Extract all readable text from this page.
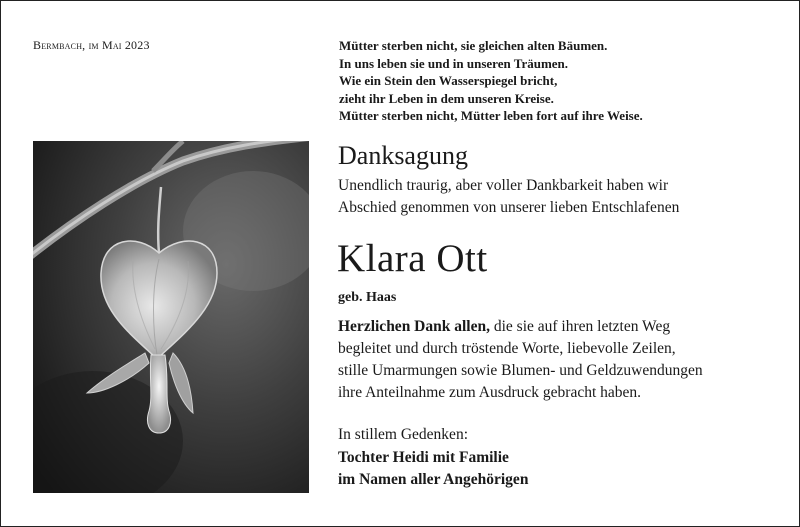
Bermbach, im Mai 2023	Mütter sterben nicht, sie gleichen alten Bäumen.
In uns leben sie und in unseren Träumen.
Wie ein Stein den Wasserspiegel bricht,
zieht ihr Leben in dem unseren Kreise.
Mütter sterben nicht, Mütter leben fort auf ihre Weise.
Danksagung
Unendlich traurig, aber voller Dankbarkeit haben wir
Abschied genommen von unserer lieben Entschlafenen
Klara Ott
geb. Haas
Herzlichen Dank allen, die sie auf ihren letzten Weg
begleitet und durch tröstende Worte, liebevolle Zeilen,
stille Umarmungen sowie Blumen- und Geldzuwendungen
ihre Anteilnahme zum Ausdruck gebracht haben.
In stillem Gedenken:
Tochter Heidi mit Familie
im Namen aller Angehörigen
